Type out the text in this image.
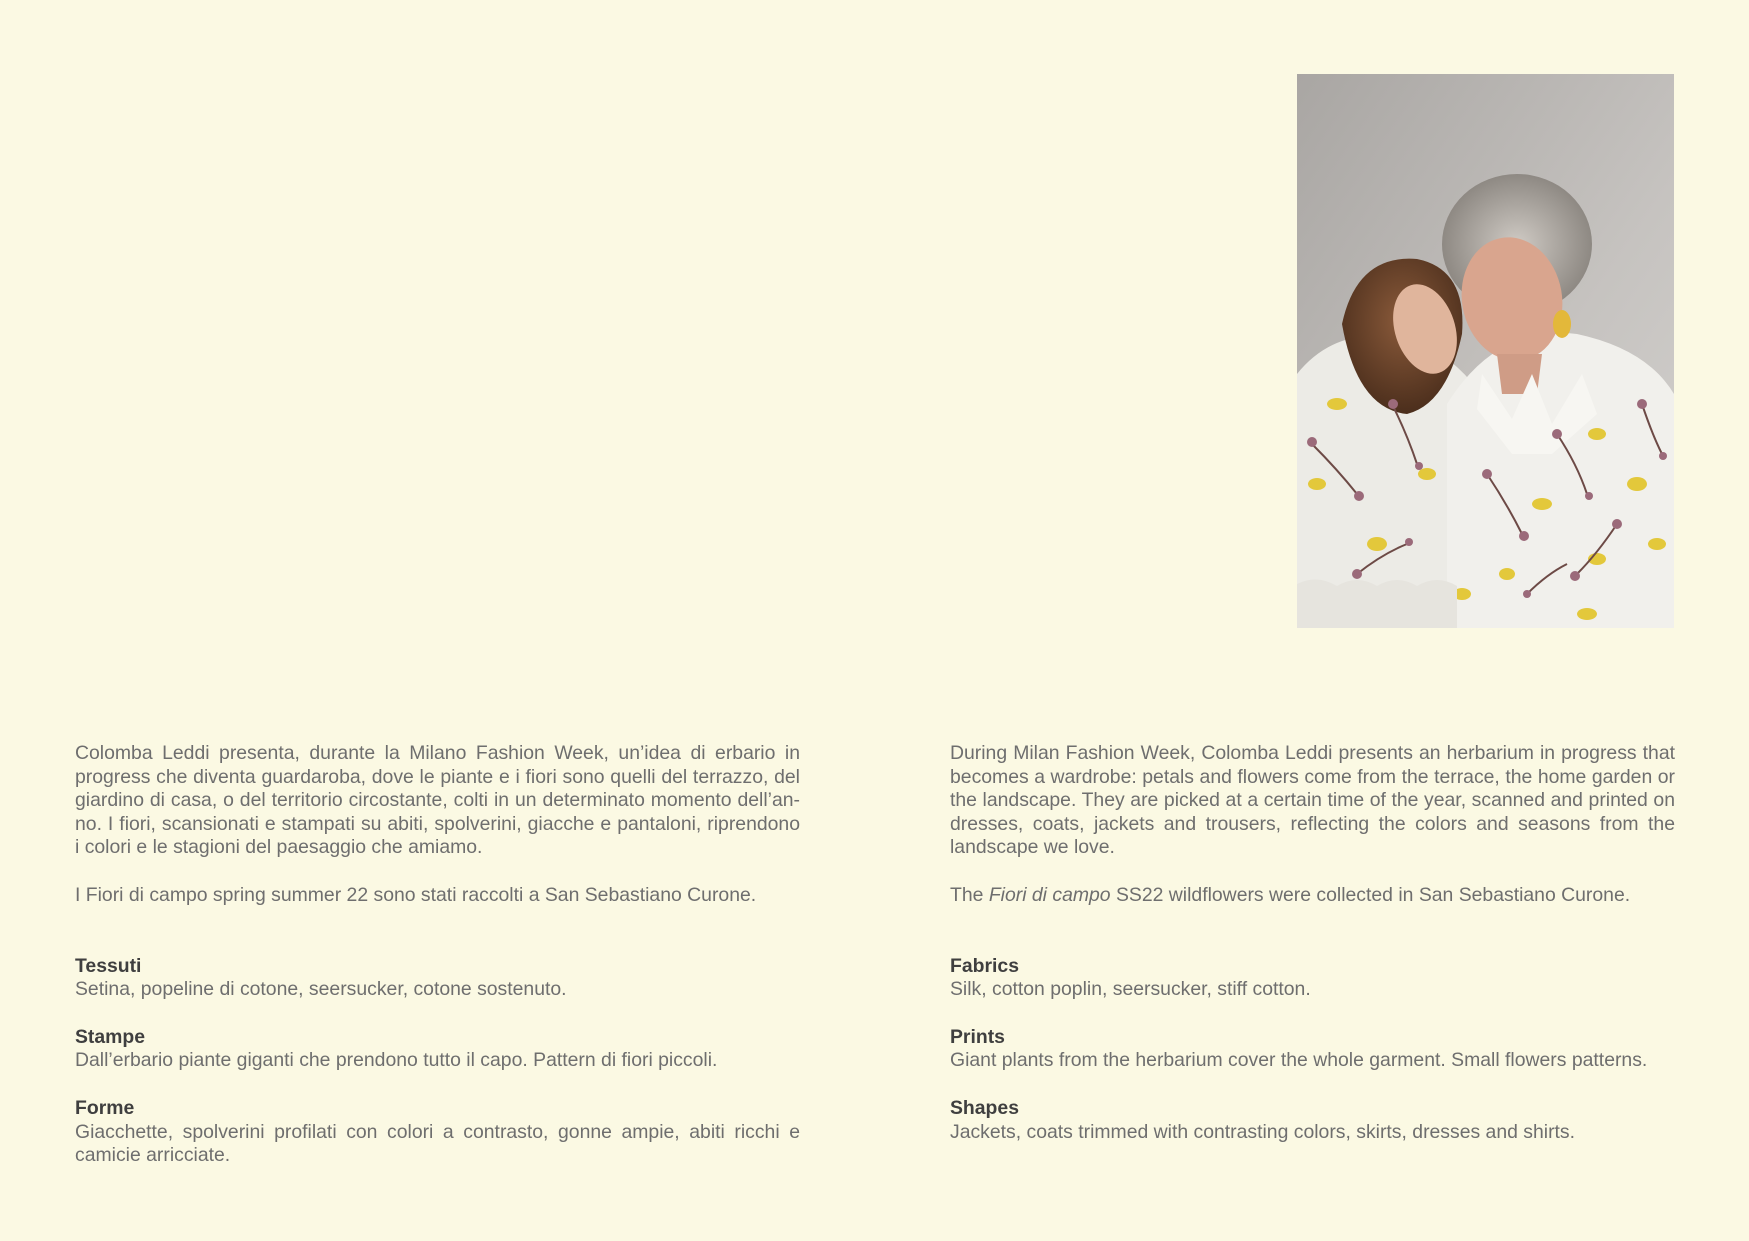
Colomba Leddi presenta, durante la Milano Fashion Week, un’idea di erbario in progress che diventa guardaroba, dove le piante e i fiori sono quelli del terrazzo, del giardino di casa, o del territorio circostante, colti in un determinato momento dell’an-no. I fiori, scansionati e stampati su abiti, spolverini, giacche e pantaloni, riprendono i colori e le stagioni del paesaggio che amiamo.

I Fiori di campo spring summer 22 sono stati raccolti a San Sebastiano Curone.

Tessuti

Setina, popeline di cotone, seersucker, cotone sostenuto.

Stampe

Dall’erbario piante giganti che prendono tutto il capo. Pattern di fiori piccoli.

Forme

Giacchette, spolverini profilati con colori a contrasto, gonne ampie, abiti ricchi e camicie arricciate.

During Milan Fashion Week, Colomba Leddi presents an herbarium in progress that becomes a wardrobe: petals and flowers come from the terrace, the home garden or the landscape. They are picked at a certain time of the year, scanned and printed on dresses, coats, jackets and trousers, reflecting the colors and seasons from the landscape we love.

The Fiori di campo SS22 wildflowers were collected in San Sebastiano Curone.

Fabrics

Silk, cotton poplin, seersucker, stiff cotton.

Prints

Giant plants from the herbarium cover the whole garment. Small flowers patterns.

Shapes

Jackets, coats trimmed with contrasting colors, skirts, dresses and shirts.
